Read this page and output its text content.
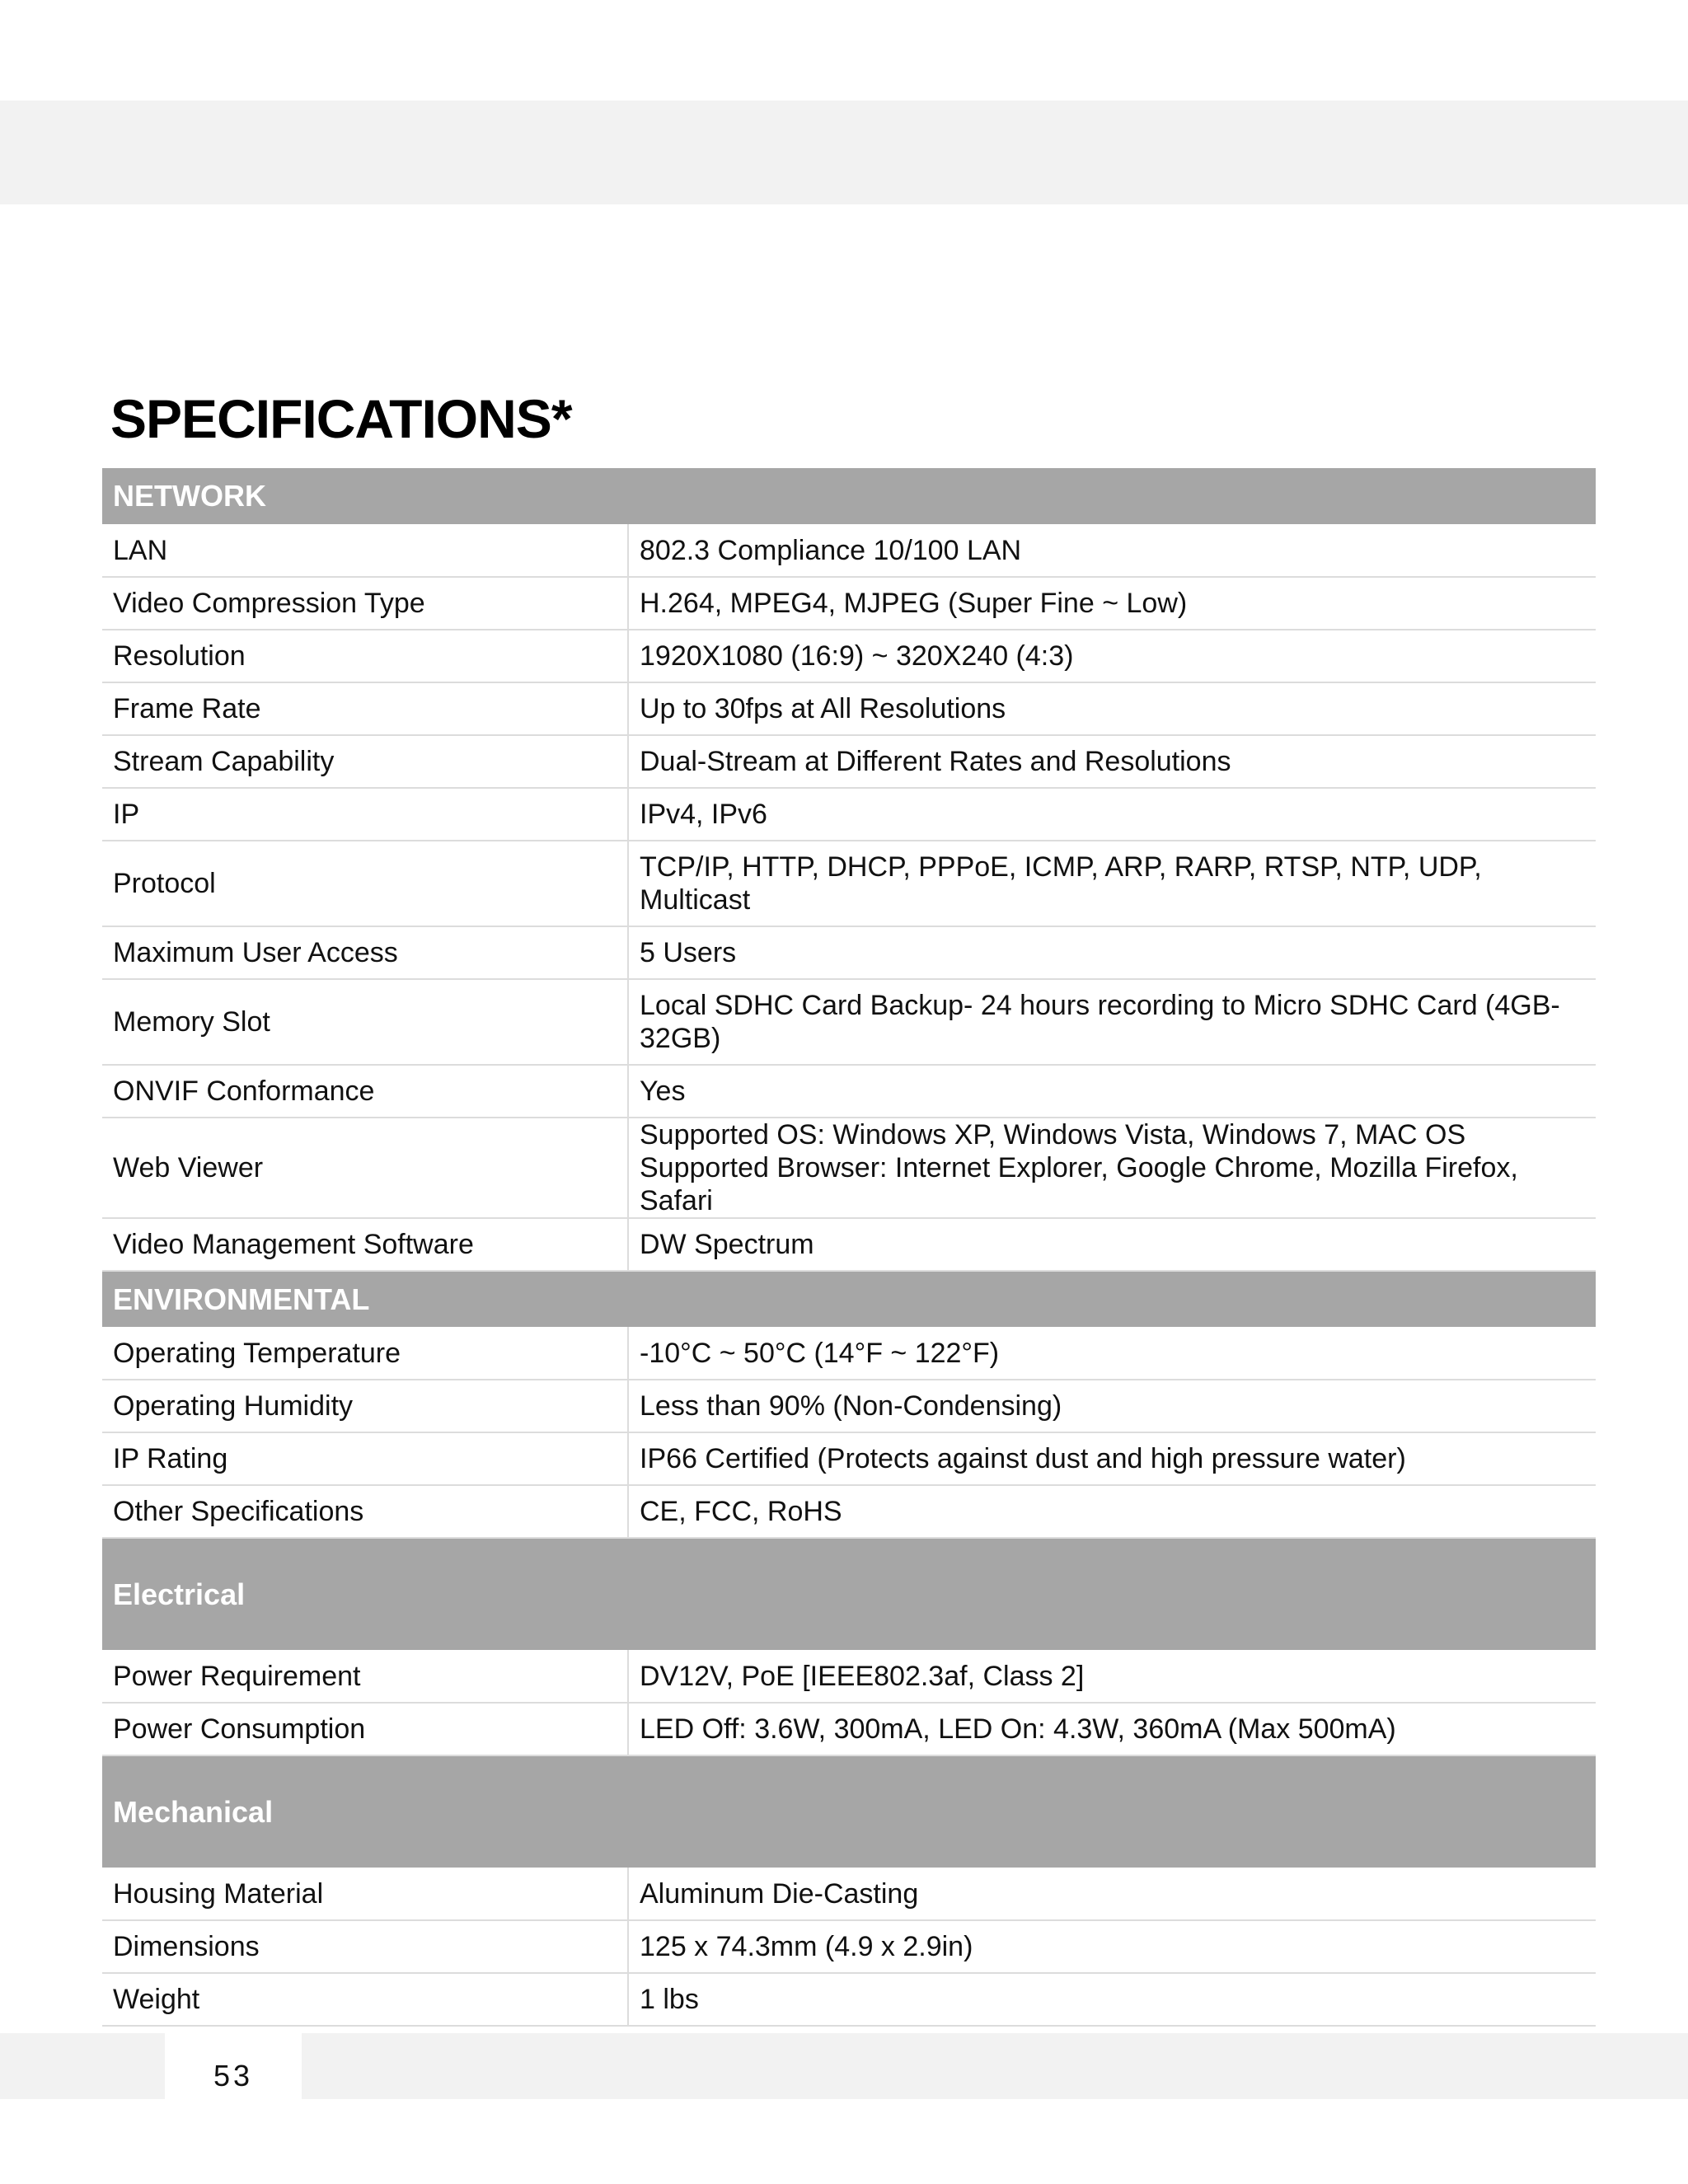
SPECIFICATIONS*
NETWORK	
LAN	802.3 Compliance 10/100 LAN
Video Compression Type	H.264, MPEG4, MJPEG (Super Fine ~ Low)
Resolution	1920X1080 (16:9) ~ 320X240 (4:3)
Frame Rate	Up to 30fps at All Resolutions
Stream Capability	Dual-Stream at Different Rates and Resolutions
IP	IPv4, IPv6
Protocol	TCP/IP, HTTP, DHCP, PPPoE, ICMP, ARP, RARP, RTSP, NTP, UDP,
Multicast

Maximum User Access	5 Users
Memory Slot	Local SDHC Card Backup- 24 hours recording to Micro SDHC Card (4GB-
32GB)

ONVIF Conformance	Yes
Web Viewer	Supported OS: Windows XP, Windows Vista, Windows 7, MAC OS
Supported Browser: Internet Explorer, Google Chrome, Mozilla Firefox, Safari

Video Management Software	DW Spectrum
ENVIRONMENTAL	
Operating Temperature	-10°C ~ 50°C (14°F ~ 122°F)
Operating Humidity	Less than 90% (Non-Condensing)
IP Rating	IP66 Certified (Protects against dust and high pressure water)
Other Specifications	CE, FCC, RoHS
Electrical	
Power Requirement	DV12V, PoE [IEEE802.3af, Class 2]
Power Consumption	LED Off: 3.6W, 300mA, LED On: 4.3W, 360mA (Max 500mA)
Mechanical	
Housing Material	Aluminum Die-Casting
Dimensions	125 x 74.3mm (4.9 x 2.9in)
Weight	1 lbs
53
